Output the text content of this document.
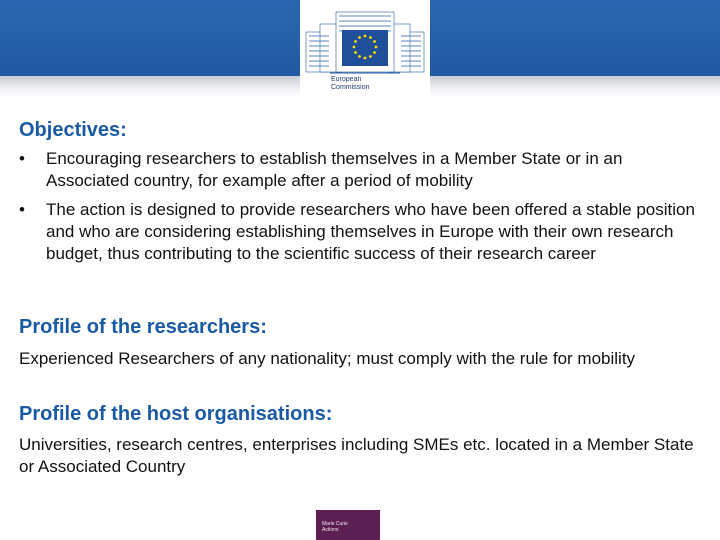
European
Commission
Objectives:
• Encouraging researchers to establish themselves in a Member State or in an Associated country, for example after a period of mobility
• The action is designed to provide researchers who have been offered a stable position and who are considering establishing themselves in Europe with their own research budget, thus contributing to the scientific success of their research career
Profile of the researchers:

Experienced Researchers of any nationality; must comply with the rule for mobility

Profile of the host organisations:

Universities, research centres, enterprises including SMEs etc. located in a Member State or Associated Country

Marie Curie
Actions
